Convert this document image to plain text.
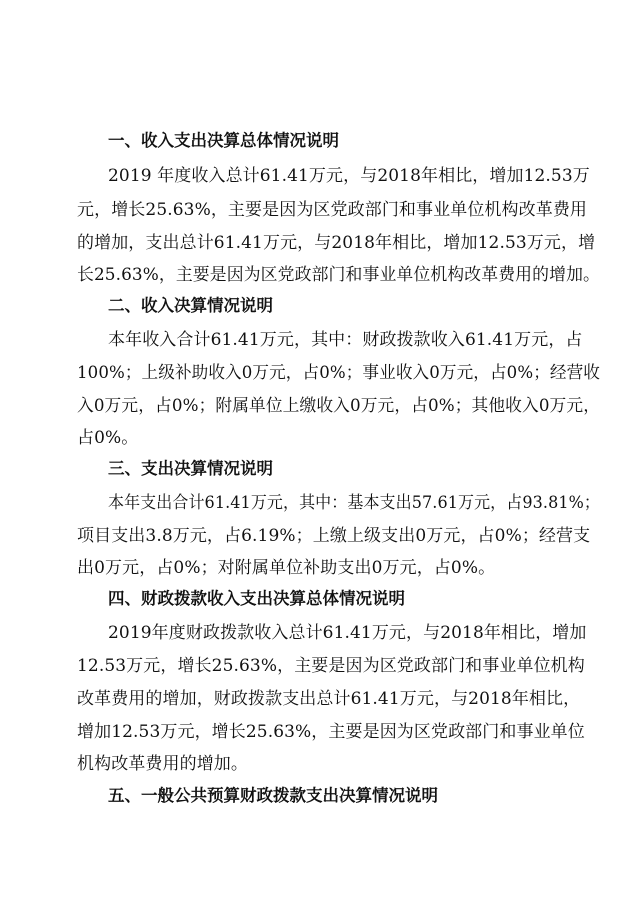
一、收入支出决算总体情况说明
2019 年度收入总计61.41万元，与2018年相比，增加12.53万
元，增长25.63%，主要是因为区党政部门和事业单位机构改革费用
的增加，支出总计61.41万元，与2018年相比，增加12.53万元，增
长25.63%，主要是因为区党政部门和事业单位机构改革费用的增加。
二、收入决算情况说明
本年收入合计61.41万元，其中：财政拨款收入61.41万元，占
100%；上级补助收入0万元，占0%；事业收入0万元，占0%；经营收
入0万元，占0%；附属单位上缴收入0万元，占0%；其他收入0万元，
占0%。
三、支出决算情况说明
本年支出合计61.41万元，其中：基本支出57.61万元，占93.81%；
项目支出3.8万元，占6.19%；上缴上级支出0万元，占0%；经营支
出0万元，占0%；对附属单位补助支出0万元，占0%。
四、财政拨款收入支出决算总体情况说明
2019年度财政拨款收入总计61.41万元，与2018年相比，增加
12.53万元，增长25.63%，主要是因为区党政部门和事业单位机构
改革费用的增加，财政拨款支出总计61.41万元，与2018年相比，
增加12.53万元，增长25.63%，主要是因为区党政部门和事业单位
机构改革费用的增加。
五、一般公共预算财政拨款支出决算情况说明
